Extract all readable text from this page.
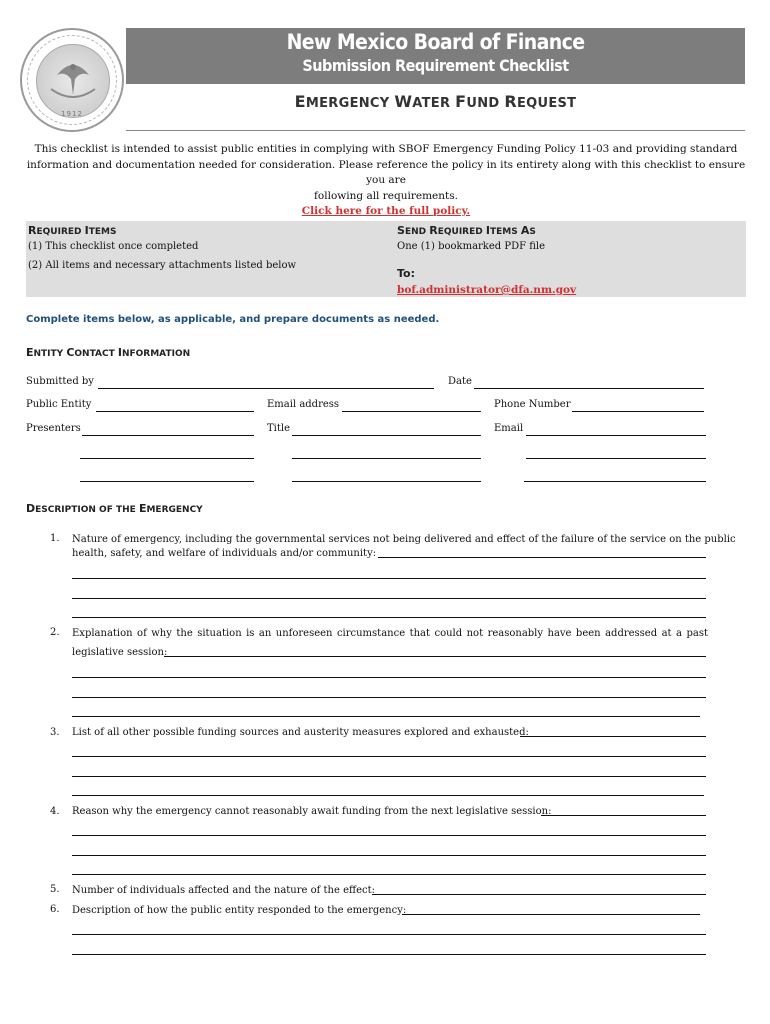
1912
New Mexico Board of Finance
Submission Requirement Checklist
EMERGENCY WATER FUND REQUEST
This checklist is intended to assist public entities in complying with SBOF Emergency Funding Policy 11-03 and providing standard
information and documentation needed for consideration. Please reference the policy in its entirety along with this checklist to ensure you are
following all requirements.
Click here for the full policy.
REQUIRED ITEMS
(1) This checklist once completed
(2) All items and necessary attachments listed below
SEND REQUIRED ITEMS AS
One (1) bookmarked PDF file
To:
bof.administrator@dfa.nm.gov
Complete items below, as applicable, and prepare documents as needed.
ENTITY CONTACT INFORMATION
Submitted by	Date
Public Entity	Email address	Phone Number
Presenters	Title	Email
DESCRIPTION OF THE EMERGENCY
1. Nature of emergency, including the governmental services not being delivered and effect of the failure of the service on the public
health, safety, and welfare of individuals and/or community:
2. Explanation of why the situation is an unforeseen circumstance that could not reasonably have been addressed at a past
legislative session:
3. List of all other possible funding sources and austerity measures explored and exhausted:
4. Reason why the emergency cannot reasonably await funding from the next legislative session:
5. Number of individuals affected and the nature of the effect:
6. Description of how the public entity responded to the emergency:
